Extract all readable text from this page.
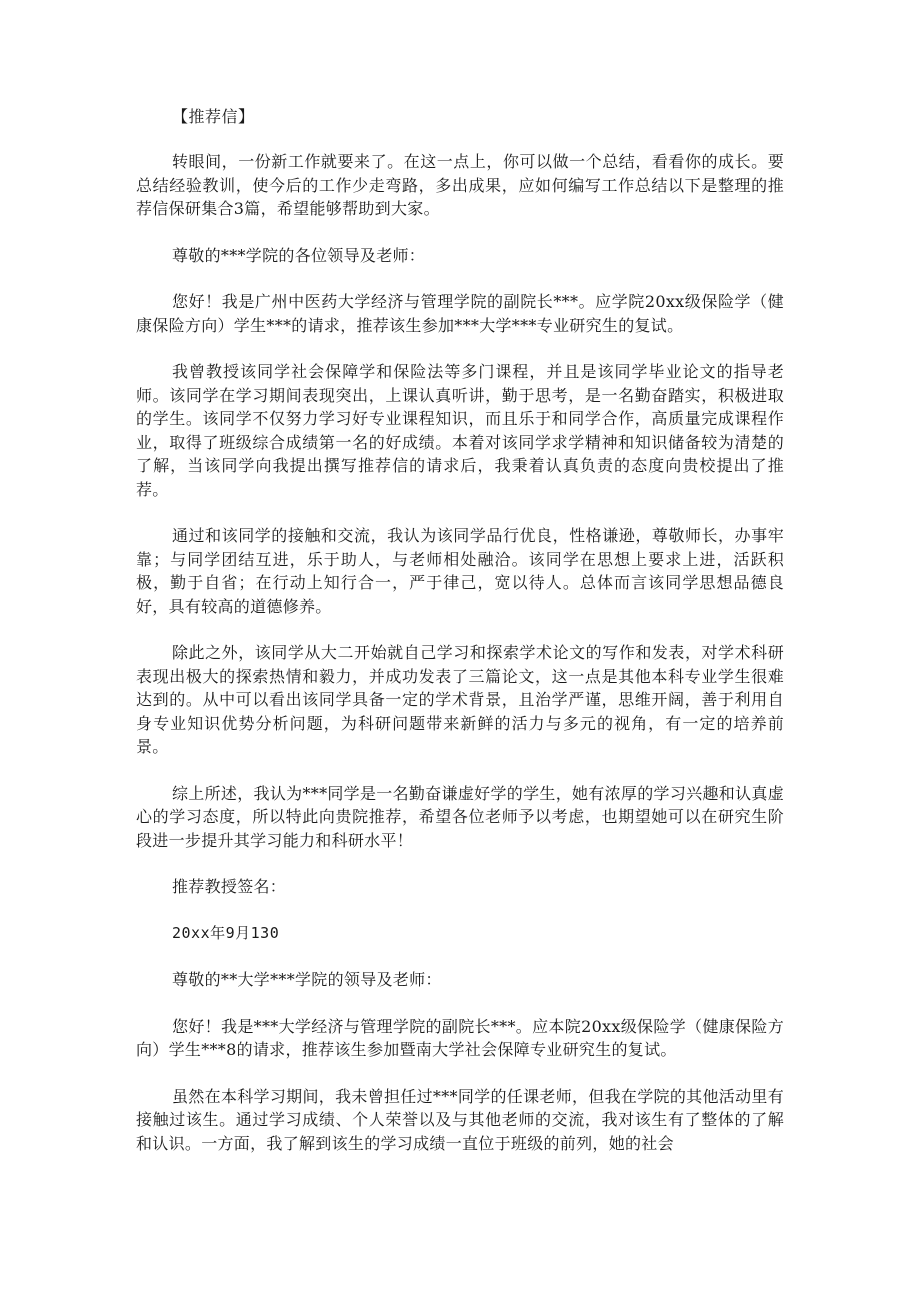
【推荐信】

转眼间，一份新工作就要来了。在这一点上，你可以做一个总结，看看你的成长。要总结经验教训，使今后的工作少走弯路，多出成果，应如何编写工作总结以下是整理的推荐信保研集合3篇，希望能够帮助到大家。

尊敬的***学院的各位领导及老师：

您好！我是广州中医药大学经济与管理学院的副院长***。应学院20xx级保险学（健康保险方向）学生***的请求，推荐该生参加***大学***专业研究生的复试。

我曾教授该同学社会保障学和保险法等多门课程，并且是该同学毕业论文的指导老师。该同学在学习期间表现突出，上课认真听讲，勤于思考，是一名勤奋踏实，积极进取的学生。该同学不仅努力学习好专业课程知识，而且乐于和同学合作，高质量完成课程作业，取得了班级综合成绩第一名的好成绩。本着对该同学求学精神和知识储备较为清楚的了解，当该同学向我提出撰写推荐信的请求后，我秉着认真负责的态度向贵校提出了推荐。

通过和该同学的接触和交流，我认为该同学品行优良，性格谦逊，尊敬师长，办事牢靠；与同学团结互进，乐于助人，与老师相处融洽。该同学在思想上要求上进，活跃积极，勤于自省；在行动上知行合一，严于律己，宽以待人。总体而言该同学思想品德良好，具有较高的道德修养。

除此之外，该同学从大二开始就自己学习和探索学术论文的写作和发表，对学术科研表现出极大的探索热情和毅力，并成功发表了三篇论文，这一点是其他本科专业学生很难达到的。从中可以看出该同学具备一定的学术背景，且治学严谨，思维开阔，善于利用自身专业知识优势分析问题，为科研问题带来新鲜的活力与多元的视角，有一定的培养前景。

综上所述，我认为***同学是一名勤奋谦虚好学的学生，她有浓厚的学习兴趣和认真虚心的学习态度，所以特此向贵院推荐，希望各位老师予以考虑，也期望她可以在研究生阶段进一步提升其学习能力和科研水平！

推荐教授签名：

20xx年9月130

尊敬的**大学***学院的领导及老师：

您好！我是***大学经济与管理学院的副院长***。应本院20xx级保险学（健康保险方向）学生***8的请求，推荐该生参加暨南大学社会保障专业研究生的复试。

虽然在本科学习期间，我未曾担任过***同学的任课老师，但我在学院的其他活动里有接触过该生。通过学习成绩、个人荣誉以及与其他老师的交流，我对该生有了整体的了解和认识。一方面，我了解到该生的学习成绩一直位于班级的前列，她的社会
